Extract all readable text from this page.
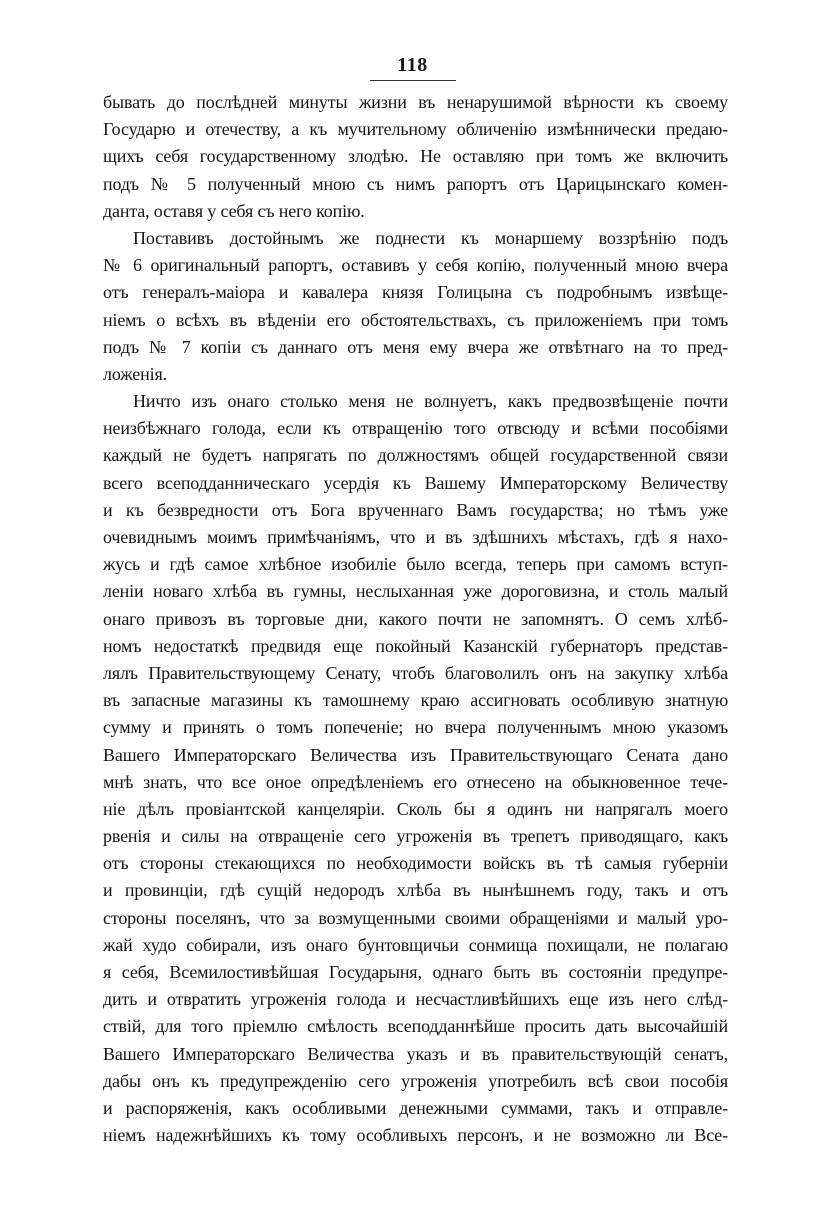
118
бывать до послѣдней минуты жизни въ ненарушимой вѣрности къ своему
Государю и отечеству, а къ мучительному обличенію измѣннически предаю-
щихъ себя государственному злодѣю. Не оставляю при томъ же включить
подъ № 5 полученный мною съ нимъ рапортъ отъ Царицынскаго комен-
данта, оставя у себя съ него копію.
Поставивъ достойнымъ же поднести къ монаршему воззрѣнію подъ
№ 6 оригинальный рапортъ, оставивъ у себя копію, полученный мною вчера
отъ генералъ-маіора и кавалера князя Голицына съ подробнымъ извѣще-
ніемъ о всѣхъ въ вѣденіи его обстоятельствахъ, съ приложеніемъ при томъ
подъ № 7 копіи съ даннаго отъ меня ему вчера же отвѣтнаго на то пред-
ложенія.
Ничто изъ онаго столько меня не волнуетъ, какъ предвозвѣщеніе почти
неизбѣжнаго голода, если къ отвращенію того отвсюду и всѣми пособіями
каждый не будетъ напрягать по должностямъ общей государственной связи
всего всеподданническаго усердія къ Вашему Императорскому Величеству
и къ безвредности отъ Бога врученнаго Вамъ государства; но тѣмъ уже
очевиднымъ моимъ примѣчаніямъ, что и въ здѣшнихъ мѣстахъ, гдѣ я нахо-
жусь и гдѣ самое хлѣбное изобиліе было всегда, теперь при самомъ вступ-
леніи новаго хлѣба въ гумны, неслыханная уже дороговизна, и столь малый
онаго привозъ въ торговые дни, какого почти не запомнятъ. О семъ хлѣб-
номъ недостаткѣ предвидя еще покойный Казанскій губернаторъ представ-
лялъ Правительствующему Сенату, чтобъ благоволилъ онъ на закупку хлѣба
въ запасные магазины къ тамошнему краю ассигновать особливую знатную
сумму и принять о томъ попеченіе; но вчера полученнымъ мною указомъ
Вашего Императорскаго Величества изъ Правительствующаго Сената дано
мнѣ знать, что все оное опредѣленіемъ его отнесено на обыкновенное тече-
ніе дѣлъ провіантской канцеляріи. Сколь бы я одинъ ни напрягалъ моего
рвенія и силы на отвращеніе сего угроженія въ трепетъ приводящаго, какъ
отъ стороны стекающихся по необходимости войскъ въ тѣ самыя губерніи
и провинціи, гдѣ сущій недородъ хлѣба въ нынѣшнемъ году, такъ и отъ
стороны поселянъ, что за возмущенными своими обращеніями и малый уро-
жай худо собирали, изъ онаго бунтовщичьи сонмища похищали, не полагаю
я себя, Всемилостивѣйшая Государыня, однаго быть въ состояніи предупре-
дить и отвратить угроженія голода и несчастливѣйшихъ еще изъ него слѣд-
ствій, для того пріемлю смѣлость всеподданнѣйше просить дать высочайшій
Вашего Императорскаго Величества указъ и въ правительствующій сенатъ,
дабы онъ къ предупрежденію сего угроженія употребилъ всѣ свои пособія
и распоряженія, какъ особливыми денежными суммами, такъ и отправле-
ніемъ надежнѣйшихъ къ тому особливыхъ персонъ, и не возможно ли Все-
